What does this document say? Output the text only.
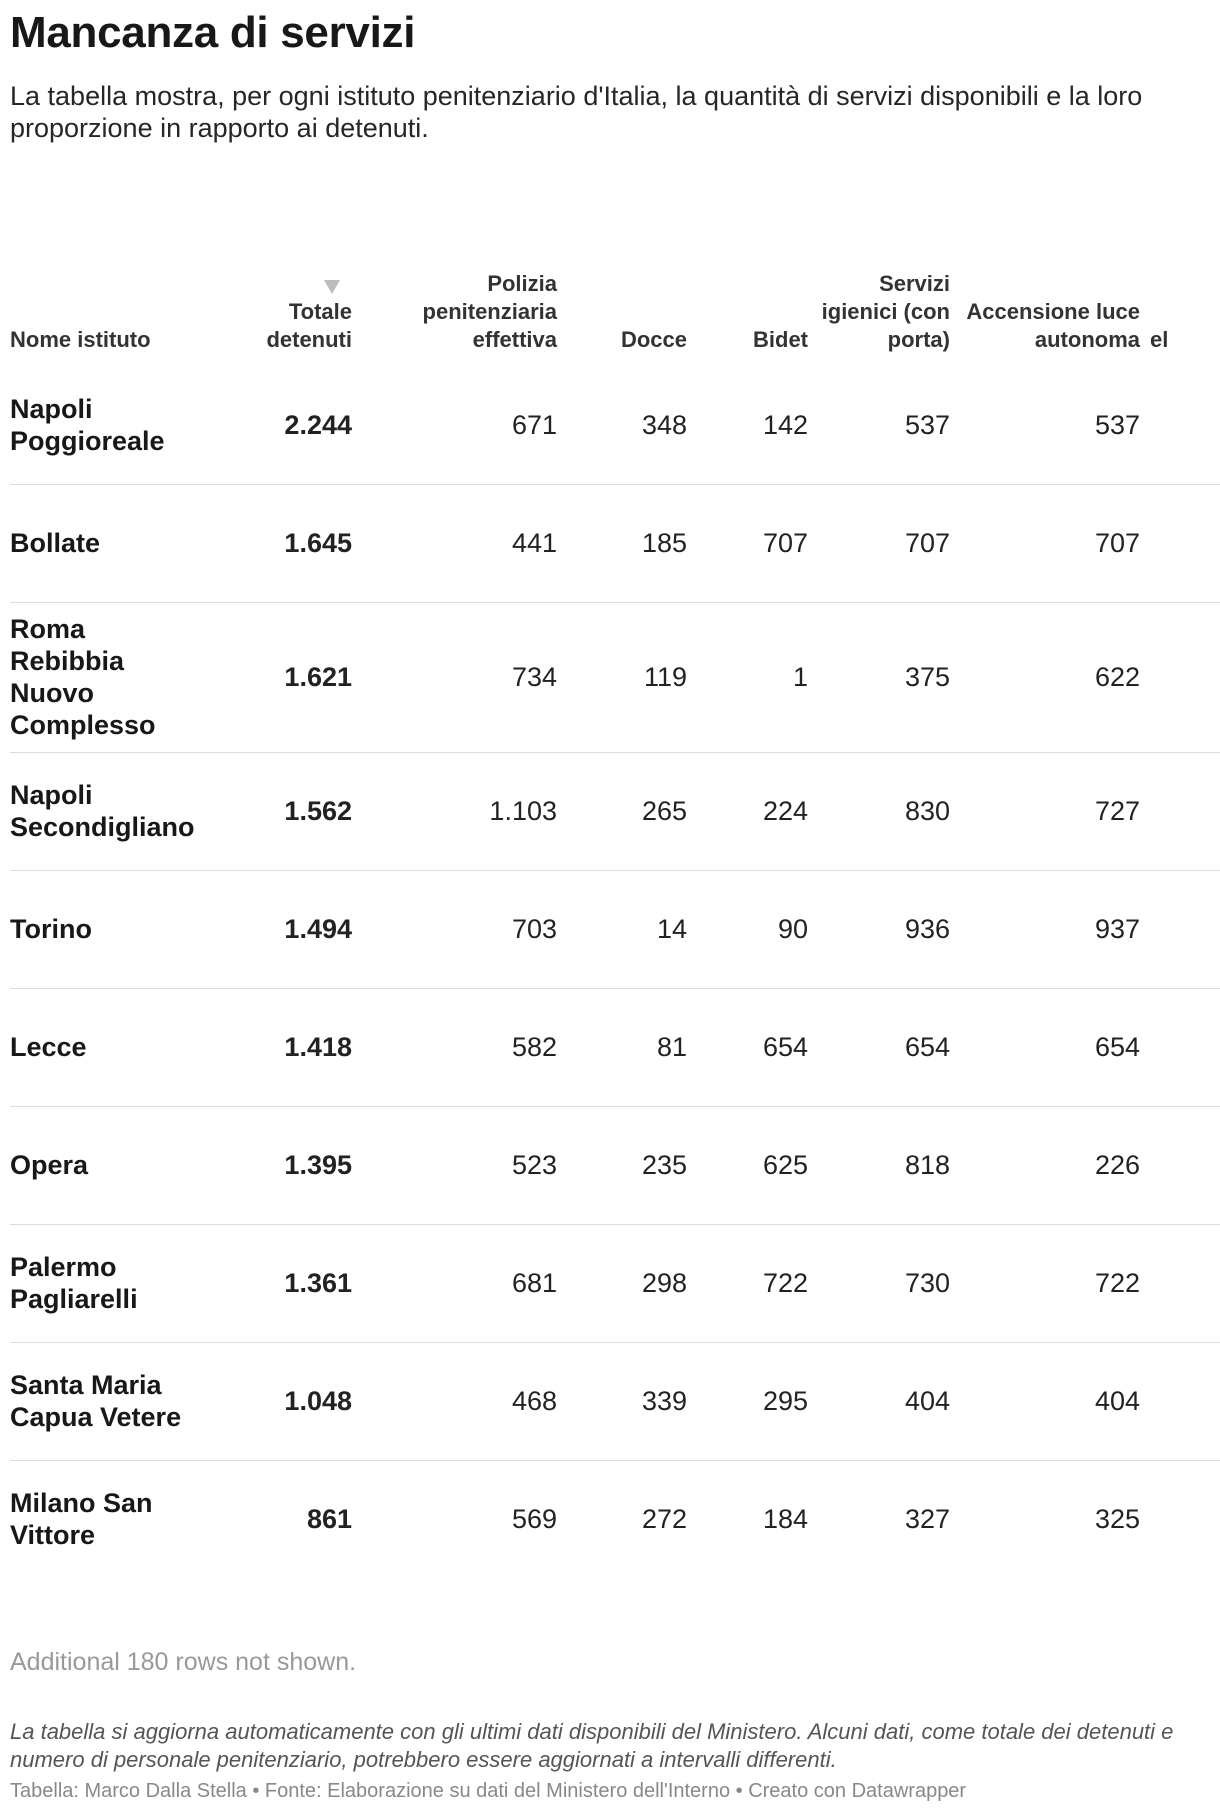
Mancanza di servizi

La tabella mostra, per ogni istituto penitenziario d'Italia, la quantità di servizi disponibili e la loro proporzione in rapporto ai detenuti.

Nome istituto	Totale detenuti	Polizia penitenziaria effettiva	Docce	Bidet	Servizi igienici (con porta)	Accensione luce autonoma	el
Napoli Poggioreale	2.244	671	348	142	537	537	
Bollate	1.645	441	185	707	707	707	
Roma Rebibbia Nuovo Complesso	1.621	734	119	1	375	622	
Napoli Secondigliano	1.562	1.103	265	224	830	727	
Torino	1.494	703	14	90	936	937	
Lecce	1.418	582	81	654	654	654	
Opera	1.395	523	235	625	818	226	
Palermo Pagliarelli	1.361	681	298	722	730	722	
Santa Maria Capua Vetere	1.048	468	339	295	404	404	
Milano San Vittore	861	569	272	184	327	325	

Additional 180 rows not shown.

La tabella si aggiorna automaticamente con gli ultimi dati disponibili del Ministero. Alcuni dati, come totale dei detenuti e numero di personale penitenziario, potrebbero essere aggiornati a intervalli differenti.

Tabella: Marco Dalla Stella • Fonte: Elaborazione su dati del Ministero dell'Interno • Creato con Datawrapper
